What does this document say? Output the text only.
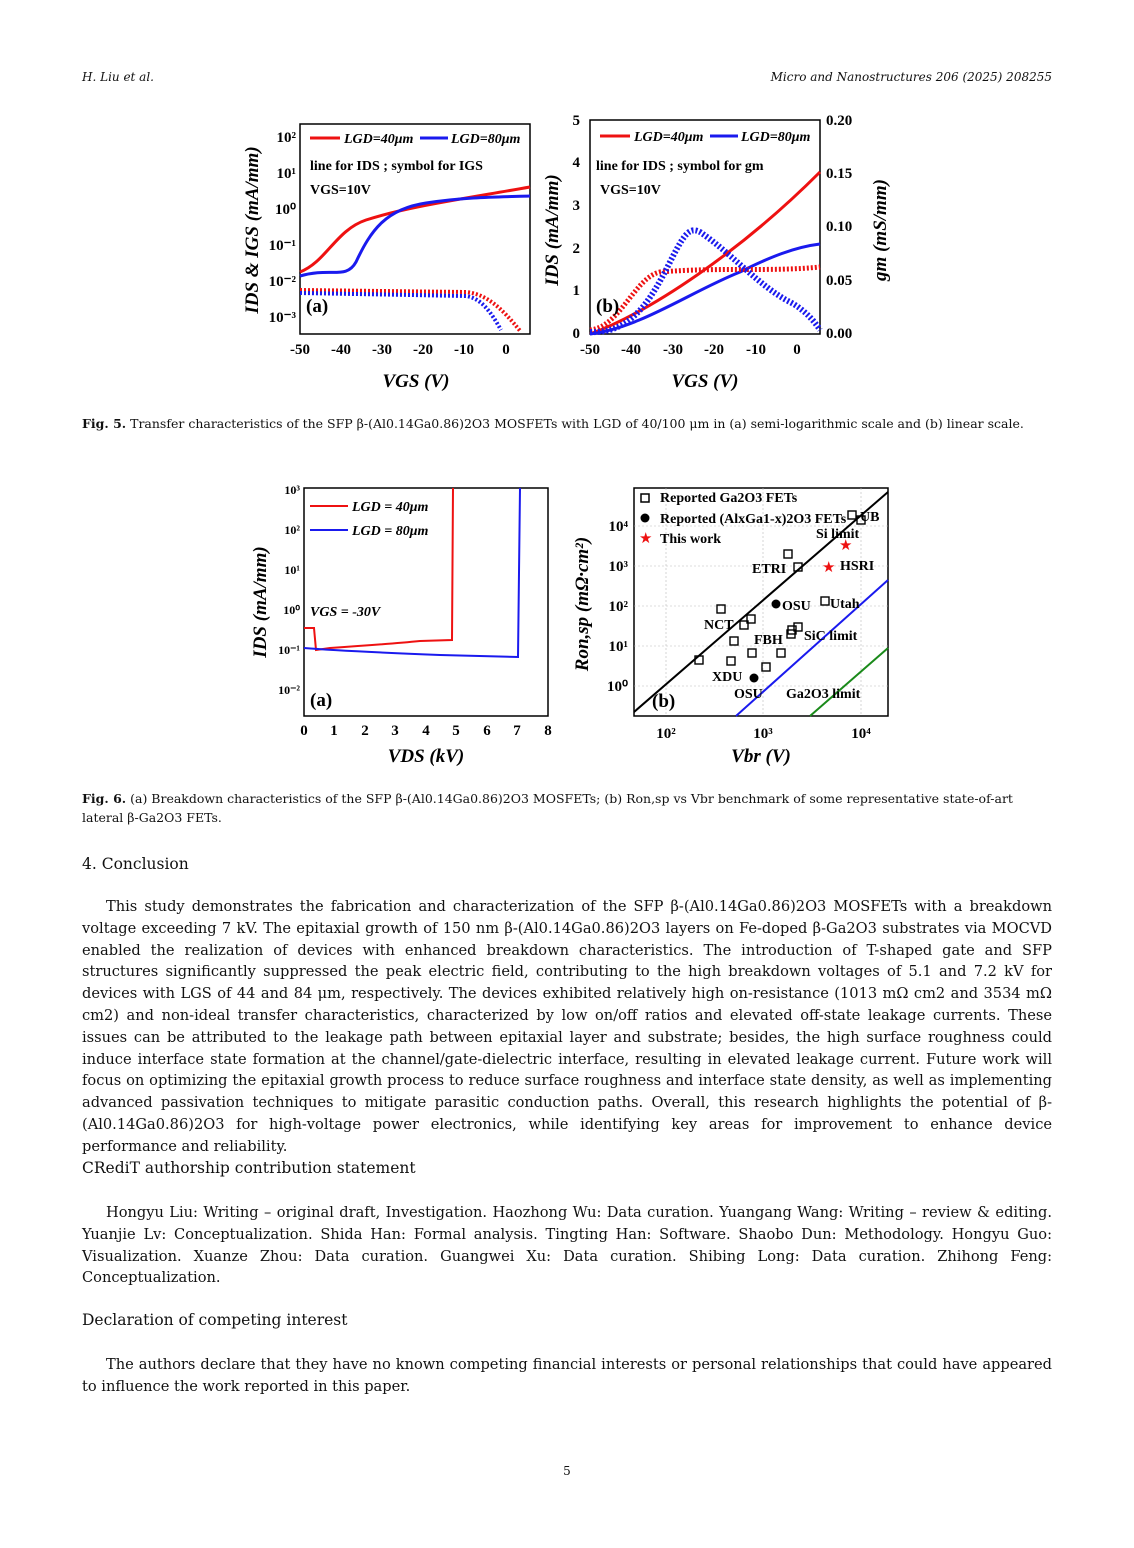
H. Liu et al.	Micro and Nanostructures 206 (2025) 208255
-50 -40 -30 -20 -10 0
10²
10¹
10⁰
10⁻¹
10⁻²
10⁻³
VGS (V)
IDS & IGS (mA/mm)
LGD=40μm	LGD=80μm
line for IDS ; symbol for IGS
VGS=10V
(a)
-50 -40 -30 -20 -10 0
0
1
2
3
4
5
0.00
0.05
0.10
0.15
0.20
VGS (V)
IDS (mA/mm)	gm (mS/mm)
LGD=40μm	LGD=80μm
line for IDS ; symbol for gm
VGS=10V
(b)
Fig. 5. Transfer characteristics of the SFP β-(Al0.14Ga0.86)2O3 MOSFETs with LGD of 40/100 μm in (a) semi-logarithmic scale and (b) linear scale.
0 1 2 3 4 5 6 7 8
10³
10²
10¹
10⁰
10⁻¹
10⁻²
VDS (kV)
IDS (mA/mm)
LGD = 40μm
LGD = 80μm
VGS = -30V
(a)
10²	10³	10⁴
10⁴
10³
10²
10¹
10⁰
Vbr (V)
Ron,sp (mΩ·cm²)
Reported Ga2O3 FETs
Reported (AlxGa1-x)2O3 FETs
★ This work	★
★
UB
Si limit
HSRI
ETRI
OSU Utah
NCT
FBH SiC limit
XDU
OSU Ga2O3 limit
(b)
Fig. 6. (a) Breakdown characteristics of the SFP β-(Al0.14Ga0.86)2O3 MOSFETs; (b) Ron,sp vs Vbr benchmark of some representative state-of-art lateral β-Ga2O3 FETs.
4. Conclusion

This study demonstrates the fabrication and characterization of the SFP β-(Al0.14Ga0.86)2O3 MOSFETs with a breakdown voltage exceeding 7 kV. The epitaxial growth of 150 nm β-(Al0.14Ga0.86)2O3 layers on Fe-doped β-Ga2O3 substrates via MOCVD enabled the realization of devices with enhanced breakdown characteristics. The introduction of T-shaped gate and SFP structures significantly suppressed the peak electric field, contributing to the high breakdown voltages of 5.1 and 7.2 kV for devices with LGS of 44 and 84 μm, respectively. The devices exhibited relatively high on-resistance (1013 mΩ cm2 and 3534 mΩ cm2) and non-ideal transfer characteristics, characterized by low on/off ratios and elevated off-state leakage currents. These issues can be attributed to the leakage path between epitaxial layer and substrate; besides, the high surface roughness could induce interface state formation at the channel/gate-dielectric interface, resulting in elevated leakage current. Future work will focus on optimizing the epitaxial growth process to reduce surface roughness and interface state density, as well as implementing advanced passivation techniques to mitigate parasitic conduction paths. Overall, this research highlights the potential of β-(Al0.14Ga0.86)2O3 for high-voltage power electronics, while identifying key areas for improvement to enhance device performance and reliability.

CRediT authorship contribution statement

Hongyu Liu: Writing – original draft, Investigation. Haozhong Wu: Data curation. Yuangang Wang: Writing – review & editing. Yuanjie Lv: Conceptualization. Shida Han: Formal analysis. Tingting Han: Software. Shaobo Dun: Methodology. Hongyu Guo: Visualization. Xuanze Zhou: Data curation. Guangwei Xu: Data curation. Shibing Long: Data curation. Zhihong Feng: Conceptualization.

Declaration of competing interest

The authors declare that they have no known competing financial interests or personal relationships that could have appeared to influence the work reported in this paper.

5
